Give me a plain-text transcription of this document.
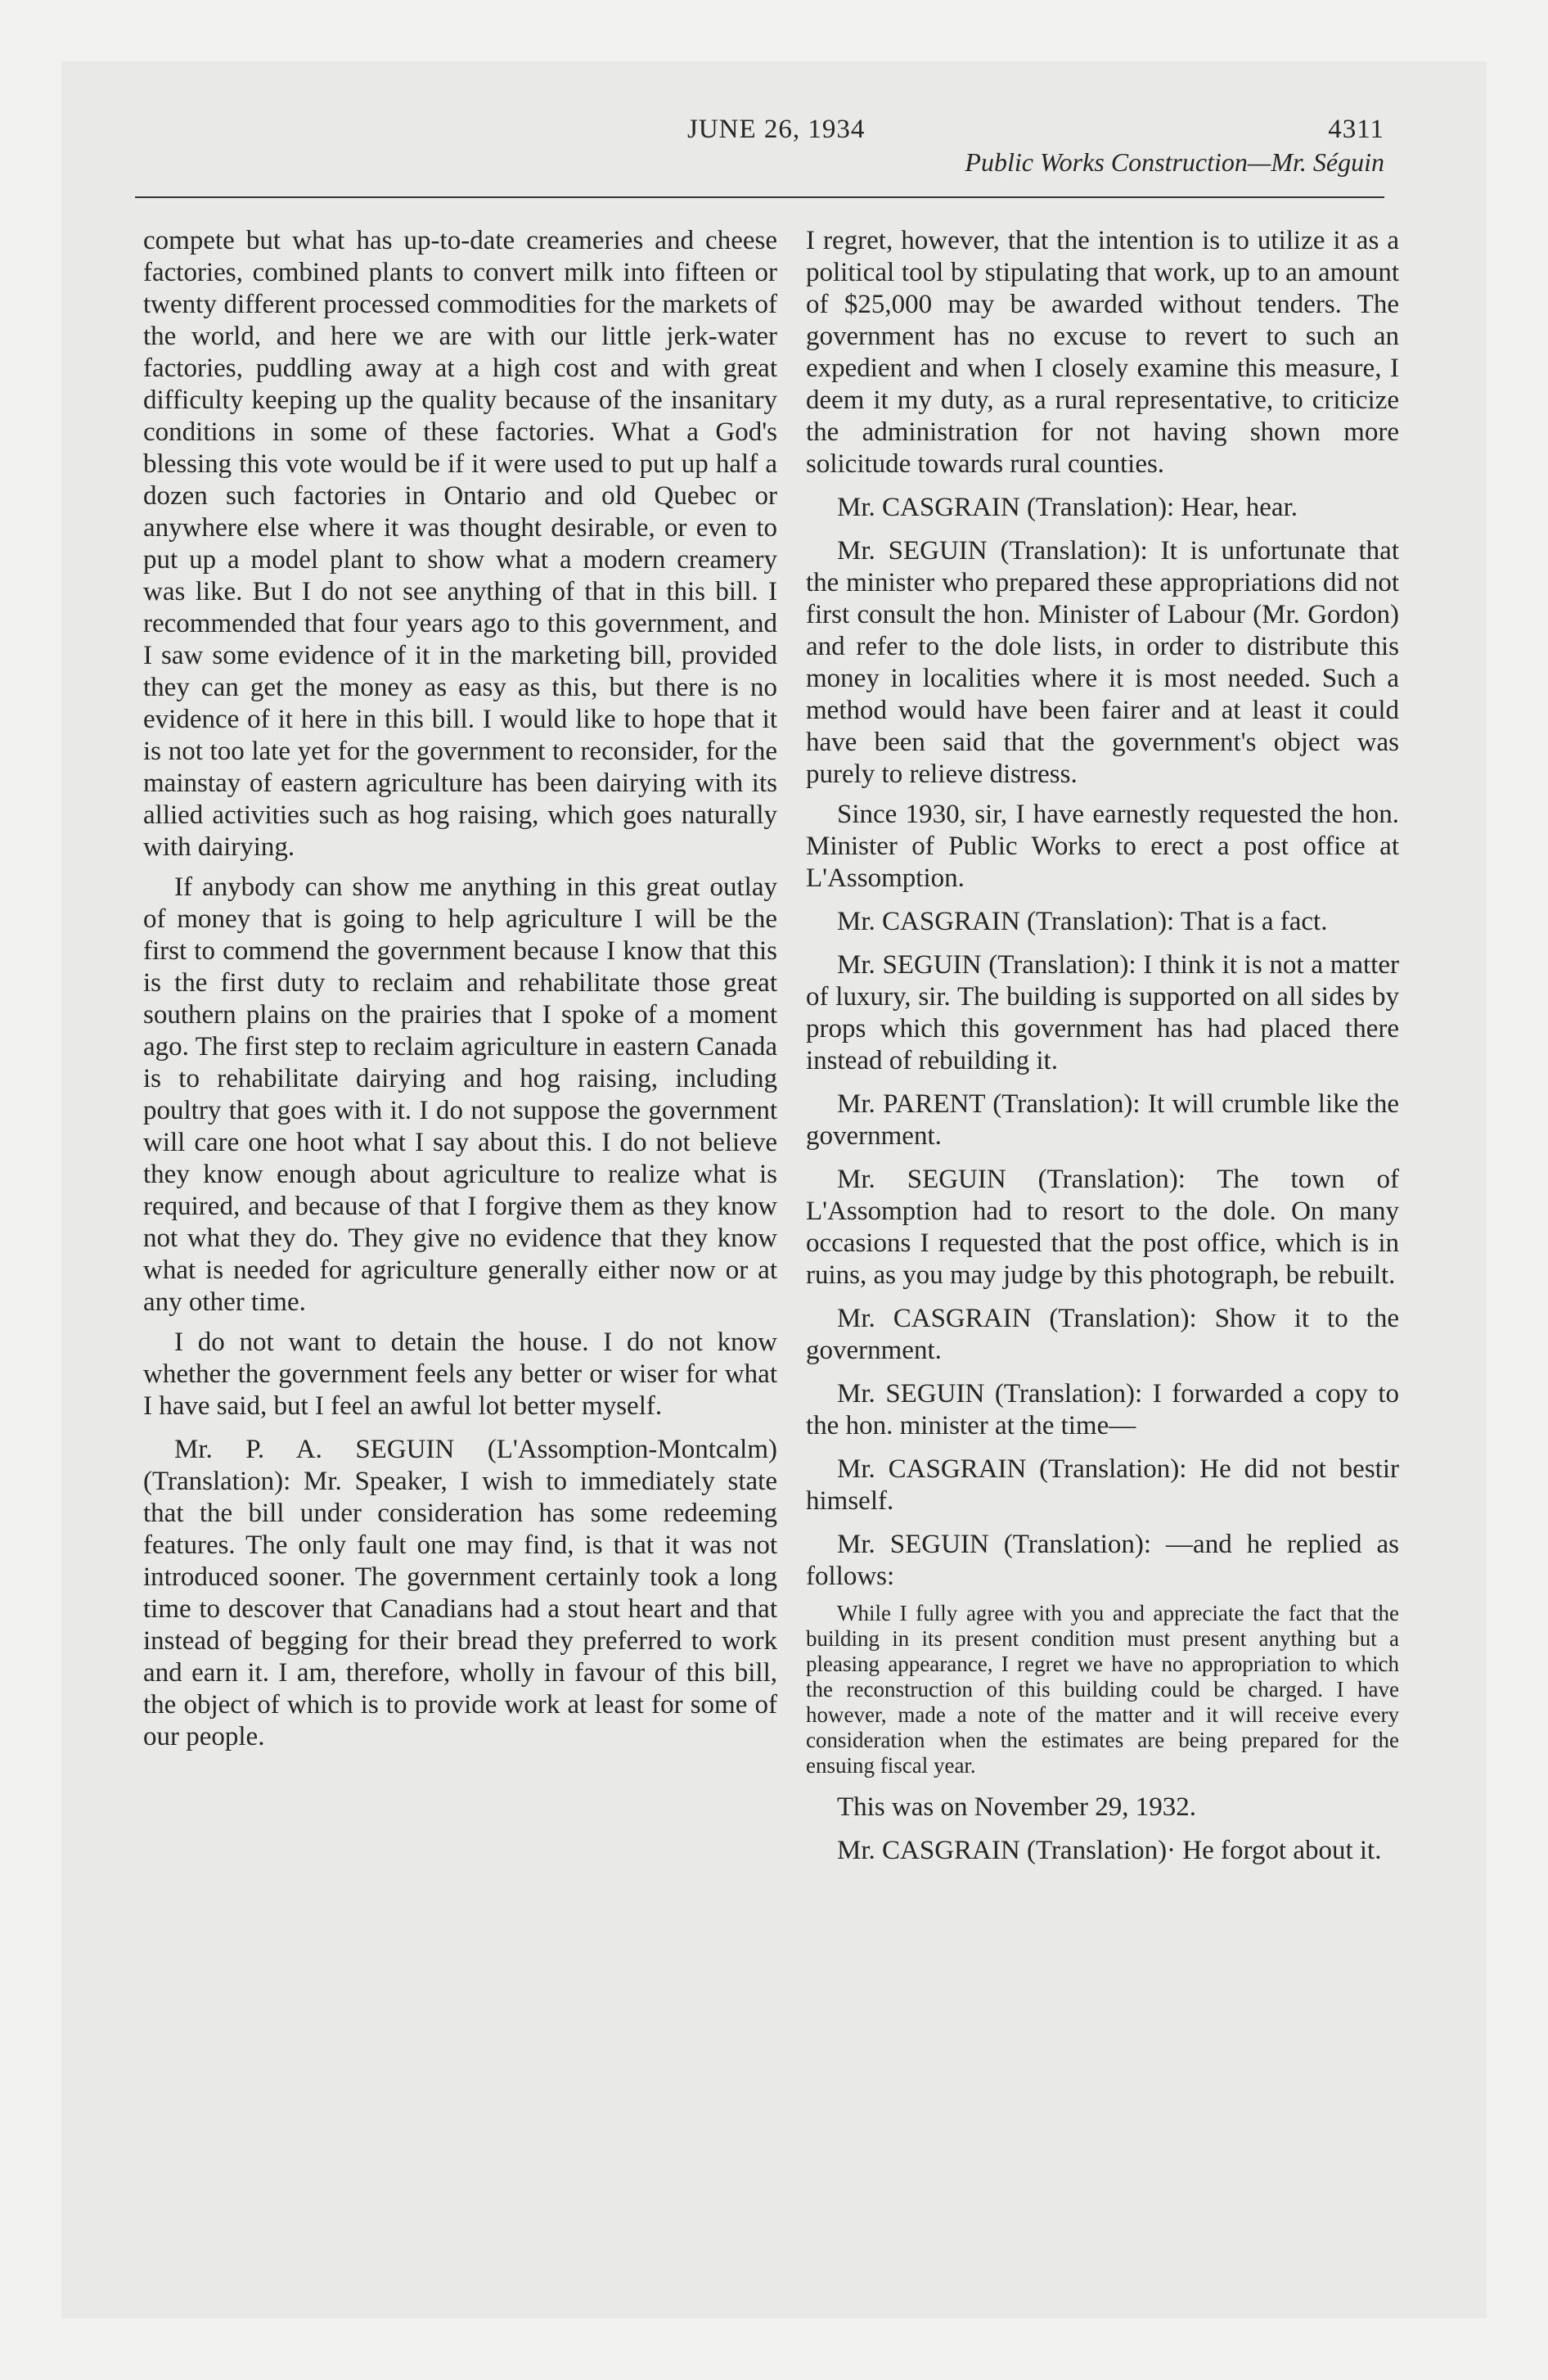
JUNE 26, 1934	4311
Public Works Construction—Mr. Séguin

compete but what has up-to-date creameries and cheese factories, combined plants to convert milk into fifteen or twenty different processed commodities for the markets of the world, and here we are with our little jerk-water factories, puddling away at a high cost and with great difficulty keeping up the quality because of the insanitary conditions in some of these factories. What a God's blessing this vote would be if it were used to put up half a dozen such factories in Ontario and old Quebec or anywhere else where it was thought desirable, or even to put up a model plant to show what a modern creamery was like. But I do not see anything of that in this bill. I recommended that four years ago to this government, and I saw some evidence of it in the marketing bill, provided they can get the money as easy as this, but there is no evidence of it here in this bill. I would like to hope that it is not too late yet for the government to reconsider, for the mainstay of eastern agriculture has been dairying with its allied activities such as hog raising, which goes naturally with dairying.

If anybody can show me anything in this great outlay of money that is going to help agriculture I will be the first to commend the government because I know that this is the first duty to reclaim and rehabilitate those great southern plains on the prairies that I spoke of a moment ago. The first step to reclaim agriculture in eastern Canada is to rehabilitate dairying and hog raising, including poultry that goes with it. I do not suppose the government will care one hoot what I say about this. I do not believe they know enough about agriculture to realize what is required, and because of that I forgive them as they know not what they do. They give no evidence that they know what is needed for agriculture generally either now or at any other time.

I do not want to detain the house. I do not know whether the government feels any better or wiser for what I have said, but I feel an awful lot better myself.

Mr. P. A. SEGUIN (L'Assomption-Montcalm) (Translation): Mr. Speaker, I wish to immediately state that the bill under consideration has some redeeming features. The only fault one may find, is that it was not introduced sooner. The government certainly took a long time to descover that Canadians had a stout heart and that instead of begging for their bread they preferred to work and earn it. I am, therefore, wholly in favour of this bill, the object of which is to provide work at least for some of our people.

I regret, however, that the intention is to utilize it as a political tool by stipulating that work, up to an amount of $25,000 may be awarded without tenders. The government has no excuse to revert to such an expedient and when I closely examine this measure, I deem it my duty, as a rural representative, to criticize the administration for not having shown more solicitude towards rural counties.

Mr. CASGRAIN (Translation): Hear, hear.

Mr. SEGUIN (Translation): It is unfortunate that the minister who prepared these appropriations did not first consult the hon. Minister of Labour (Mr. Gordon) and refer to the dole lists, in order to distribute this money in localities where it is most needed. Such a method would have been fairer and at least it could have been said that the government's object was purely to relieve distress.

Since 1930, sir, I have earnestly requested the hon. Minister of Public Works to erect a post office at L'Assomption.

Mr. CASGRAIN (Translation): That is a fact.

Mr. SEGUIN (Translation): I think it is not a matter of luxury, sir. The building is supported on all sides by props which this government has had placed there instead of rebuilding it.

Mr. PARENT (Translation): It will crumble like the government.

Mr. SEGUIN (Translation): The town of L'Assomption had to resort to the dole. On many occasions I requested that the post office, which is in ruins, as you may judge by this photograph, be rebuilt.

Mr. CASGRAIN (Translation): Show it to the government.

Mr. SEGUIN (Translation): I forwarded a copy to the hon. minister at the time—

Mr. CASGRAIN (Translation): He did not bestir himself.

Mr. SEGUIN (Translation): —and he replied as follows:

While I fully agree with you and appreciate the fact that the building in its present condition must present anything but a pleasing appearance, I regret we have no appropriation to which the reconstruction of this building could be charged. I have however, made a note of the matter and it will receive every consideration when the estimates are being prepared for the ensuing fiscal year.

This was on November 29, 1932.

Mr. CASGRAIN (Translation)· He forgot about it.
